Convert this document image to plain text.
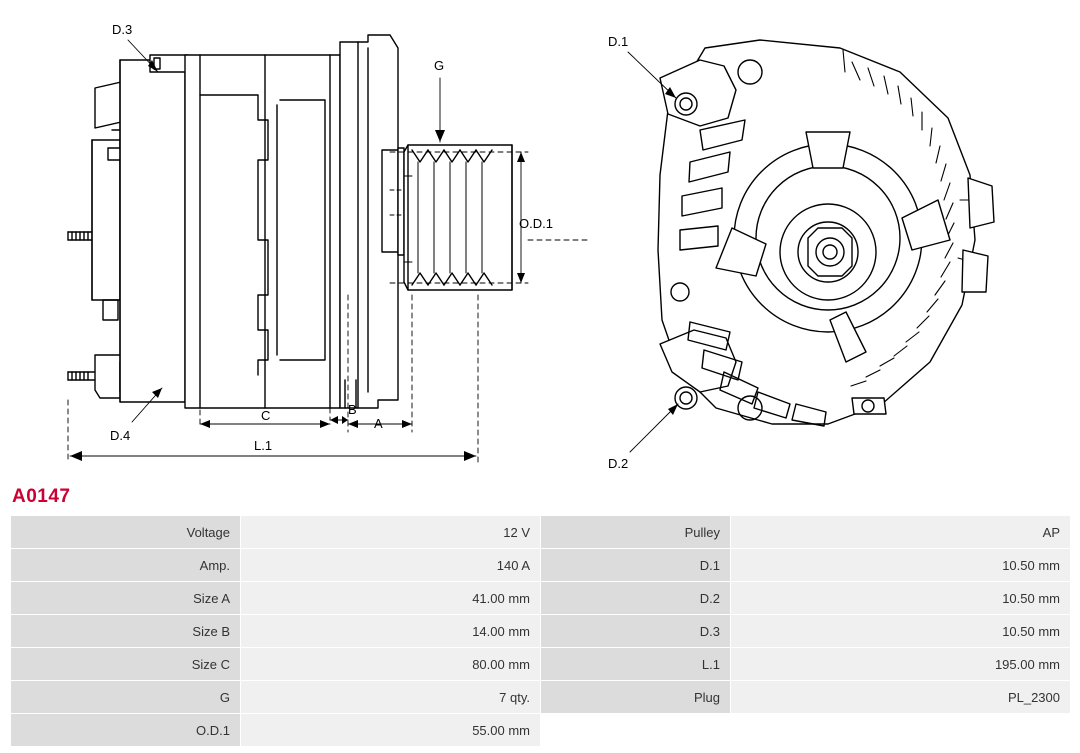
D.3
G
O.D.1
D.4
C	B
A
L.1
D.1
D.2
A0147
Voltage	12 V	Pulley	AP
Amp.	140 A	D.1	10.50 mm
Size A	41.00 mm	D.2	10.50 mm
Size B	14.00 mm	D.3	10.50 mm
Size C	80.00 mm	L.1	195.00 mm
G	7 qty.	Plug	PL_2300
O.D.1	55.00 mm		
